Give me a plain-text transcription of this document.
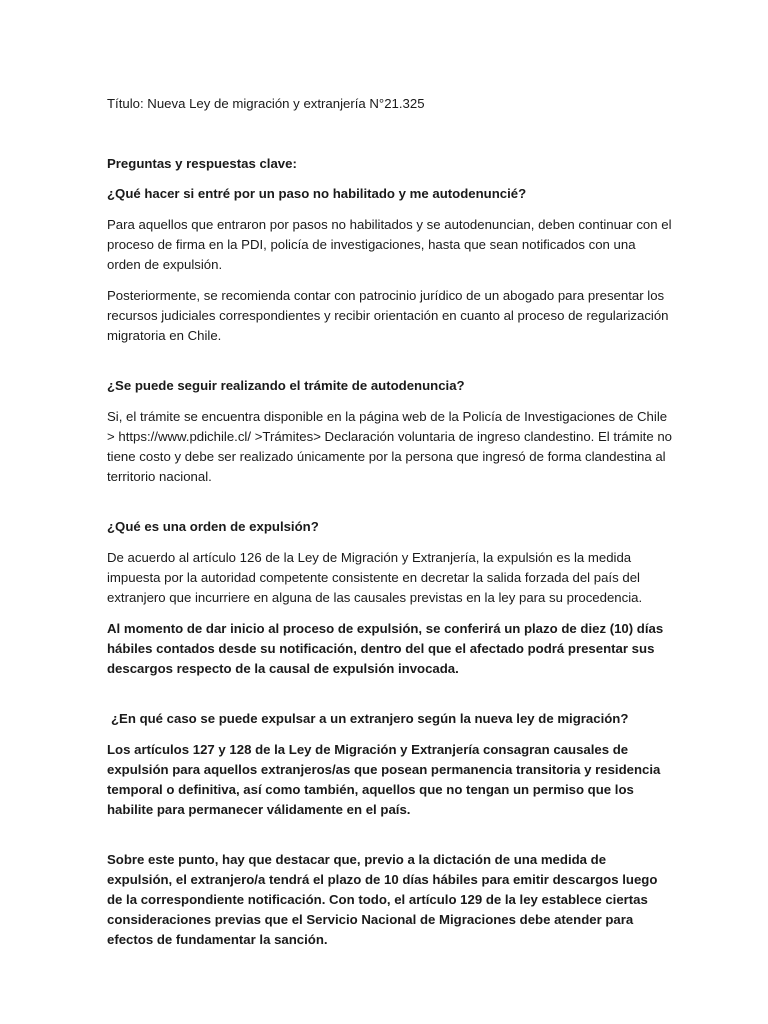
Título: Nueva Ley de migración y extranjería N°21.325

Preguntas y respuestas clave:

¿Qué hacer si entré por un paso no habilitado y me autodenuncié?

Para aquellos que entraron por pasos no habilitados y se autodenuncian, deben continuar con el proceso de firma en la PDI, policía de investigaciones, hasta que sean notificados con una orden de expulsión.

Posteriormente, se recomienda contar con patrocinio jurídico de un abogado para presentar los recursos judiciales correspondientes y recibir orientación en cuanto al proceso de regularización migratoria en Chile.

¿Se puede seguir realizando el trámite de autodenuncia?

Si, el trámite se encuentra disponible en la página web de la Policía de Investigaciones de Chile > https://www.pdichile.cl/ >Trámites> Declaración voluntaria de ingreso clandestino. El trámite no tiene costo y debe ser realizado únicamente por la persona que ingresó de forma clandestina al territorio nacional.

¿Qué es una orden de expulsión?

De acuerdo al artículo 126 de la Ley de Migración y Extranjería, la expulsión es la medida impuesta por la autoridad competente consistente en decretar la salida forzada del país del extranjero que incurriere en alguna de las causales previstas en la ley para su procedencia.

Al momento de dar inicio al proceso de expulsión, se conferirá un plazo de diez (10) días hábiles contados desde su notificación, dentro del que el afectado podrá presentar sus descargos respecto de la causal de expulsión invocada.

¿En qué caso se puede expulsar a un extranjero según la nueva ley de migración?

Los artículos 127 y 128 de la Ley de Migración y Extranjería consagran causales de expulsión para aquellos extranjeros/as que posean permanencia transitoria y residencia temporal o definitiva, así como también, aquellos que no tengan un permiso que los habilite para permanecer válidamente en el país.

Sobre este punto, hay que destacar que, previo a la dictación de una medida de expulsión, el extranjero/a tendrá el plazo de 10 días hábiles para emitir descargos luego de la correspondiente notificación. Con todo, el artículo 129 de la ley establece ciertas consideraciones previas que el Servicio Nacional de Migraciones debe atender para efectos de fundamentar la sanción.
